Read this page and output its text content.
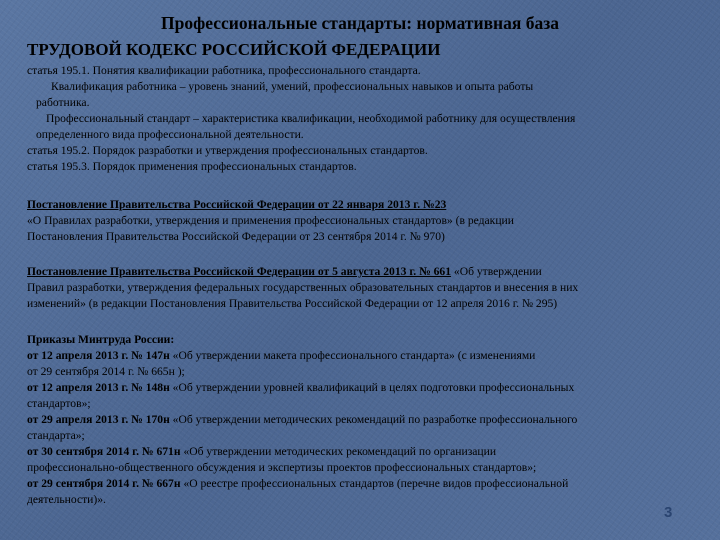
Профессиональные стандарты: нормативная база
ТРУДОВОЙ КОДЕКС РОССИЙСКОЙ ФЕДЕРАЦИИ

статья 195.1. Понятия квалификации работника, профессионального стандарта.

Квалификация работника – уровень знаний, умений, профессиональных навыков и опыта работы

работника.

Профессиональный стандарт – характеристика квалификации, необходимой работнику для осуществления

определенного вида профессиональной деятельности.

статья 195.2. Порядок разработки и утверждения профессиональных стандартов.

статья 195.3. Порядок применения профессиональных стандартов.

Постановление Правительства Российской Федерации от 22 января 2013 г. №23

«О Правилах разработки, утверждения и применения профессиональных стандартов» (в редакции

Постановления Правительства Российской Федерации от 23 сентября 2014 г. № 970)

Постановление Правительства Российской Федерации от 5 августа 2013 г. № 661 «Об утверждении

Правил разработки, утверждения федеральных государственных образовательных стандартов и внесения в них

изменений» (в редакции Постановления Правительства Российской Федерации от 12 апреля 2016 г. № 295)

Приказы Минтруда России:

от 12 апреля 2013 г. № 147н «Об утверждении макета профессионального стандарта» (с изменениями

от 29 сентября 2014 г. № 665н );

от 12 апреля 2013 г. № 148н «Об утверждении уровней квалификаций в целях подготовки профессиональных

стандартов»;

от 29 апреля 2013 г. № 170н «Об утверждении методических рекомендаций по разработке профессионального

стандарта»;

от 30 сентября 2014 г. № 671н «Об утверждении методических рекомендаций по организации

профессионально-общественного обсуждения и экспертизы проектов профессиональных стандартов»;

от 29 сентября 2014 г. № 667н «О реестре профессиональных стандартов (перечне видов профессиональной

деятельности)».

3
